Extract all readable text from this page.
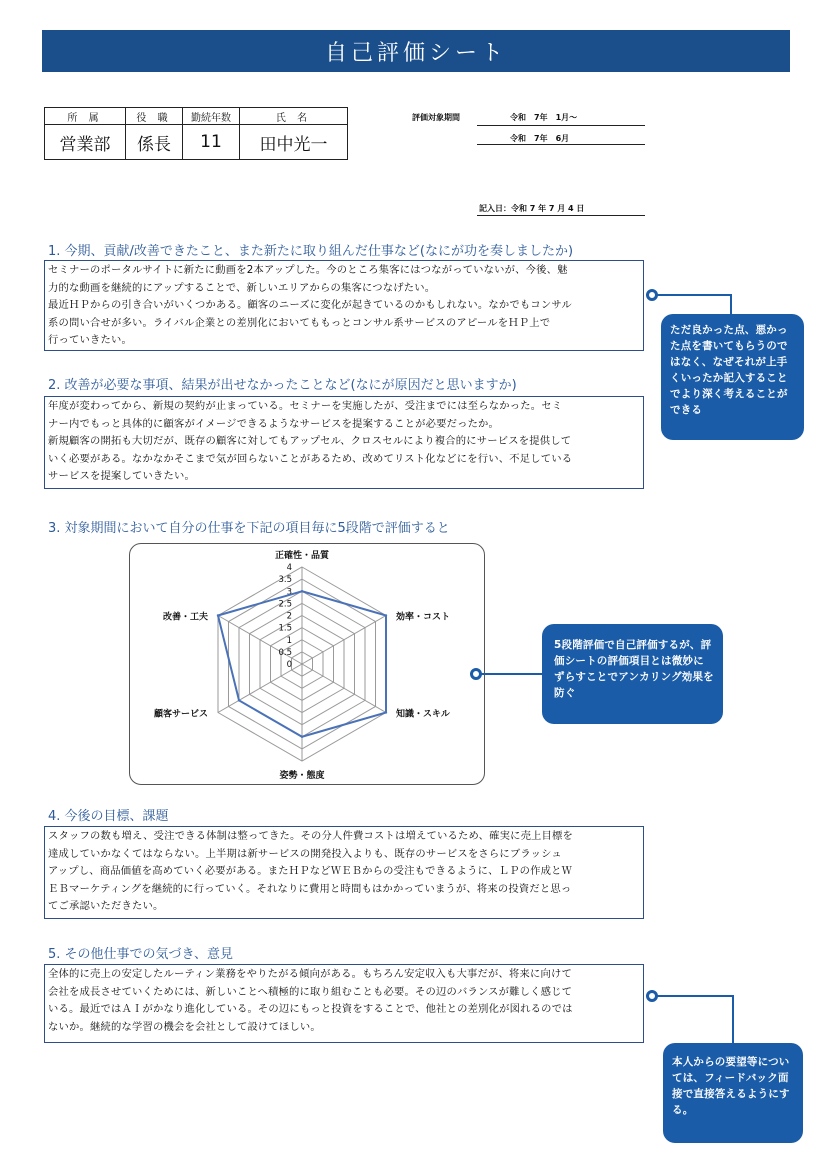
自己評価シート
所 属	役 職	勤続年数	氏 名
営業部	係長	11	田中光一
評価対象期間	令和　7年　1月～
令和　7年　6月
記入日：令和 7 年 7 月 4 日
1. 今期、貢献/改善できたこと、また新たに取り組んだ仕事など(なにが功を奏しましたか)

セミナーのポータルサイトに新たに動画を2本アップした。今のところ集客にはつながっていないが、今後、魅

力的な動画を継続的にアップすることで、新しいエリアからの集客につなげたい。

最近ＨＰからの引き合いがいくつかある。顧客のニーズに変化が起きているのかもしれない。なかでもコンサル

系の問い合せが多い。ライバル企業との差別化においてももっとコンサル系サービスのアピールをＨＰ上で

行っていきたい。

2. 改善が必要な事項、結果が出せなかったことなど(なにが原因だと思いますか)

年度が変わってから、新規の契約が止まっている。セミナーを実施したが、受注までには至らなかった。セミ

ナー内でもっと具体的に顧客がイメージできるようなサービスを提案することが必要だったか。

新規顧客の開拓も大切だが、既存の顧客に対してもアップセル、クロスセルにより複合的にサービスを提供して

いく必要がある。なかなかそこまで気が回らないことがあるため、改めてリスト化などにを行い、不足している

サービスを提案していきたい。

ただ良かった点、悪かった点を書いてもらうのではなく、なぜそれが上手くいったか記入することでより深く考えることができる
3. 対象期間において自分の仕事を下記の項目毎に5段階で評価すると
0
0.5
1
1.5
2
2.5
3
3.5
4
正確性・品質
効率・コスト
知識・スキル
姿勢・態度
顧客サービス
改善・工夫
5段階評価で自己評価するが、評価シートの評価項目とは微妙にずらすことでアンカリング効果を防ぐ
4. 今後の目標、課題

スタッフの数も増え、受注できる体制は整ってきた。その分人件費コストは増えているため、確実に売上目標を

達成していかなくてはならない。上半期は新サービスの開発投入よりも、既存のサービスをさらにブラッシュ

アップし、商品価値を高めていく必要がある。またＨＰなどＷＥＢからの受注もできるように、ＬＰの作成とＷ

ＥＢマーケティングを継続的に行っていく。それなりに費用と時間もはかかっていまうが、将来の投資だと思っ

てご承認いただきたい。

5. その他仕事での気づき、意見

全体的に売上の安定したルーティン業務をやりたがる傾向がある。もちろん安定収入も大事だが、将来に向けて

会社を成長させていくためには、新しいことへ積極的に取り組むことも必要。その辺のバランスが難しく感じて

いる。最近ではＡＩがかなり進化している。その辺にもっと投資をすることで、他社との差別化が図れるのでは

ないか。継続的な学習の機会を会社として設けてほしい。

本人からの要望等については、フィードバック面接で直接答えるようにする。
